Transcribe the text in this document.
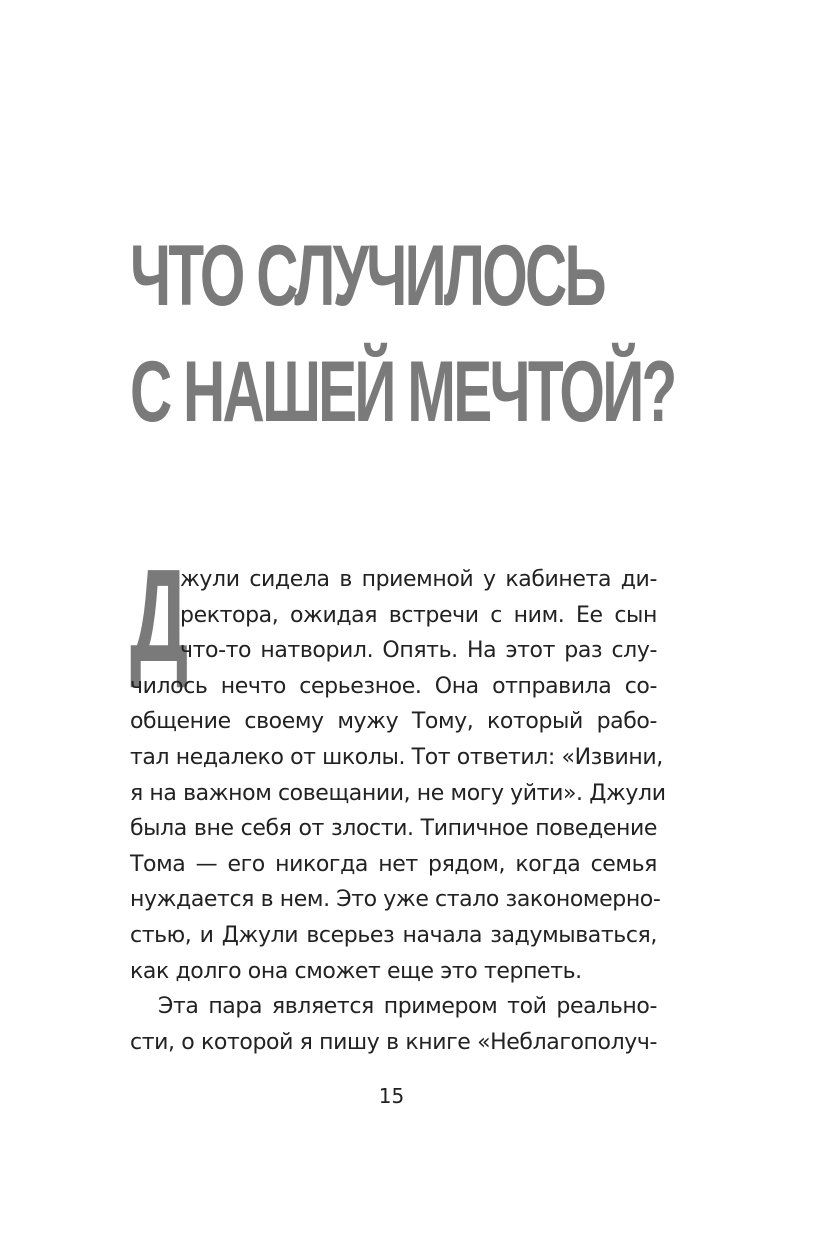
ЧТО СЛУЧИЛОСЬ
С НАШЕЙ МЕЧТОЙ?
Д
жули сидела в приемной у кабинета ди-
ректора, ожидая встречи с ним. Ее сын
что-то натворил. Опять. На этот раз слу-
чилось нечто серьезное. Она отправила со-
общение своему мужу Тому, который рабо-
тал недалеко от школы. Тот ответил: «Извини,
я на важном совещании, не могу уйти». Джули
была вне себя от злости. Типичное поведение
Тома — его никогда нет рядом, когда семья
нуждается в нем. Это уже стало закономерно-
стью, и Джули всерьез начала задумываться,
как долго она сможет еще это терпеть.
Эта пара является примером той реально-
сти, о которой я пишу в книге «Неблагополуч-
15
